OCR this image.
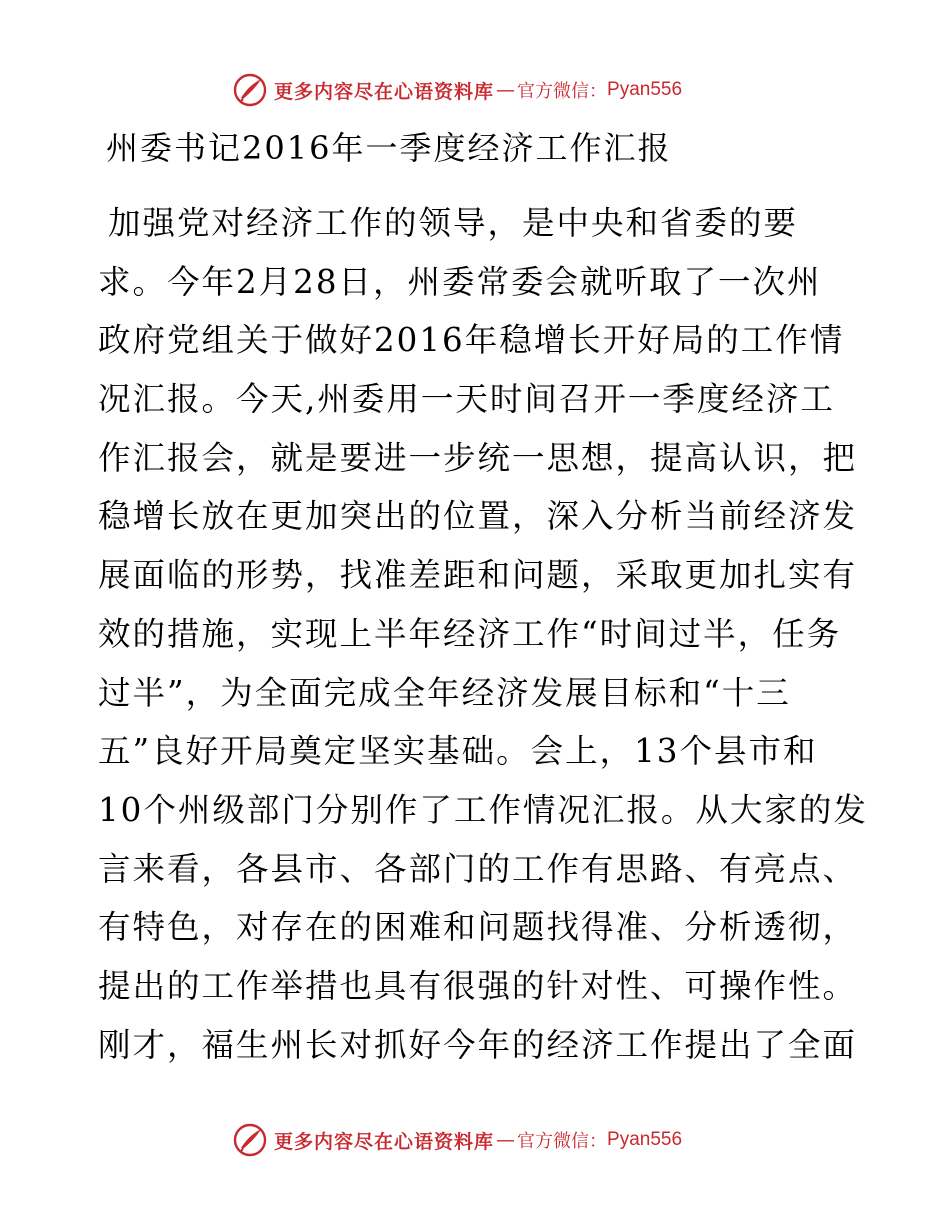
更多内容尽在心语资料库 — 官方微信： Pyan556
州委书记2016年一季度经济工作汇报
加强党对经济工作的领导，是中央和省委的要
求。今年2月28日，州委常委会就听取了一次州
政府党组关于做好2016年稳增长开好局的工作情
况汇报。今天,州委用一天时间召开一季度经济工
作汇报会，就是要进一步统一思想，提高认识，把
稳增长放在更加突出的位置，深入分析当前经济发
展面临的形势，找准差距和问题，采取更加扎实有
效的措施，实现上半年经济工作“时间过半，任务
过半”，为全面完成全年经济发展目标和“十三
五”良好开局奠定坚实基础。会上，13个县市和
10个州级部门分别作了工作情况汇报。从大家的发
言来看，各县市、各部门的工作有思路、有亮点、
有特色，对存在的困难和问题找得准、分析透彻，
提出的工作举措也具有很强的针对性、可操作性。
刚才，福生州长对抓好今年的经济工作提出了全面
更多内容尽在心语资料库 — 官方微信： Pyan556
